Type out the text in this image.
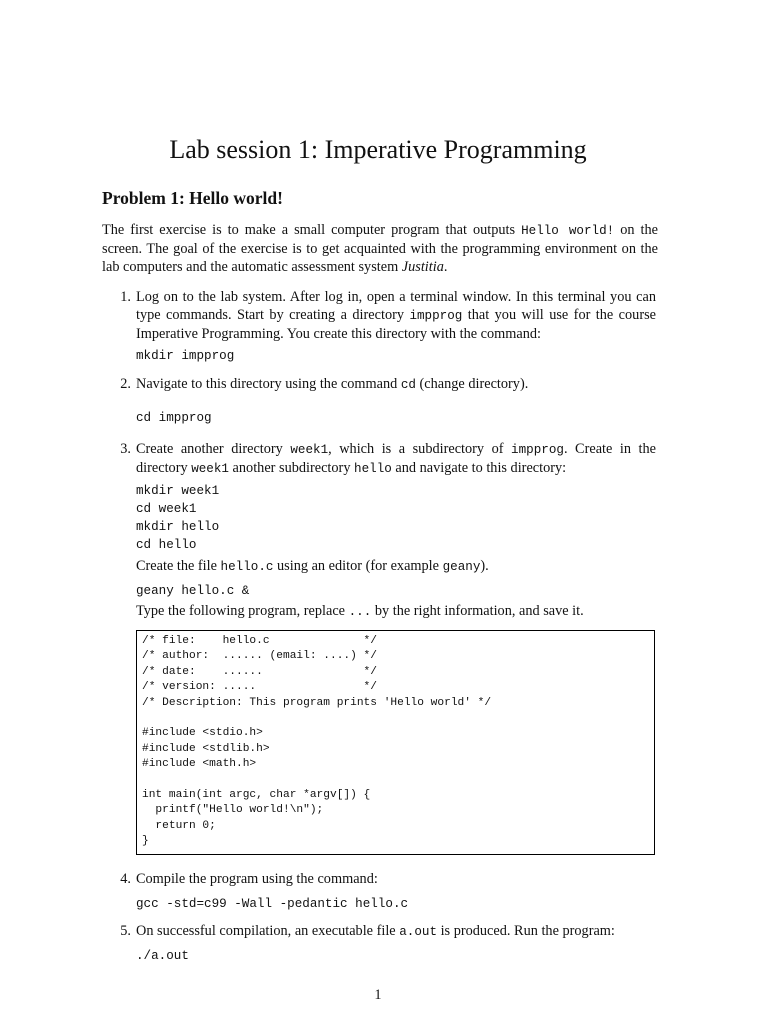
Lab session 1: Imperative Programming
Problem 1: Hello world!

The first exercise is to make a small computer program that outputs Hello world! on the screen. The goal of the exercise is to get acquainted with the programming environment on the lab computers and the automatic assessment system Justitia.

1. Log on to the lab system. After log in, open a terminal window. In this terminal you can type commands. Start by creating a directory impprog that you will use for the course Imperative Programming. You create this directory with the command:

mkdir impprog
2. Navigate to this directory using the command cd (change directory).

cd impprog
3. Create another directory week1, which is a subdirectory of impprog. Create in the directory week1 another subdirectory hello and navigate to this directory:

mkdir week1
cd week1
mkdir hello
cd hello

Create the file hello.c using an editor (for example geany).

geany hello.c &

Type the following program, replace ... by the right information, and save it.

/* file:    hello.c              */
/* author:  ...... (email: ....) */
/* date:    ......               */
/* version: .....                */
/* Description: This program prints 'Hello world' */

#include <stdio.h>
#include <stdlib.h>
#include <math.h>

int main(int argc, char *argv[]) {
printf("Hello world!\n");
return 0;
}
4. Compile the program using the command:

gcc -std=c99 -Wall -pedantic hello.c
5. On successful compilation, an executable file a.out is produced. Run the program:

./a.out
1
